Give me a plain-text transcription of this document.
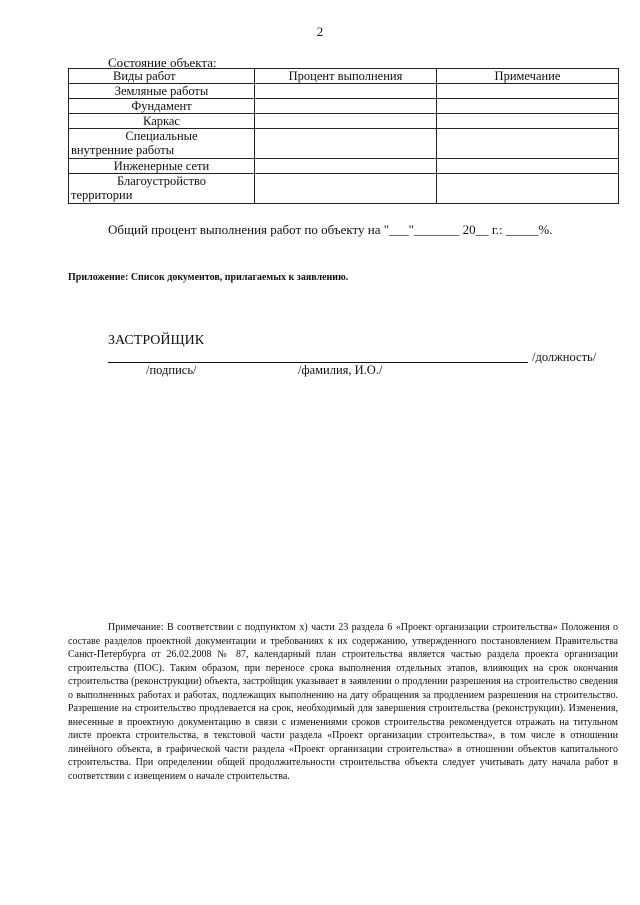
2
Состояние объекта:
Виды работ	Процент выполнения	Примечание
Земляные работы		
Фундамент		
Каркас		

Специальные
внутренние работы		

Инженерные сети		

Благоустройство
территории		

Общий процент выполнения работ по объекту на "___"_______ 20__ г.: _____%.
Приложение: Список документов, прилагаемых к заявлению.
ЗАСТРОЙЩИК
/должность/
/подпись/	/фамилия, И.О./
Примечание: В соответствии с подпунктом х) части 23 раздела 6 «Проект организации строительства» Положения о составе разделов проектной документации и требованиях к их содержанию, утвержденного постановлением Правительства Санкт-Петербурга от 26.02.2008 № 87, календарный план строительства является частью раздела проекта организации строительства (ПОС). Таким образом, при переносе срока выполнения отдельных этапов, влияющих на срок окончания строительства (реконструкции) объекта, застройщик указывает в заявлении о продлении разрешения на строительство сведения о выполненных работах и работах, подлежащих выполнению на дату обращения за продлением разрешения на строительство. Разрешение на строительство продлевается на срок, необходимый для завершения строительства (реконструкции). Изменения, внесенные в проектную документацию в связи с изменениями сроков строительства рекомендуется отражать на титульном листе проекта строительства, в текстовой части раздела «Проект организации строительства», в том числе в отношении линейного объекта, в графической части раздела «Проект организации строительства» в отношении объектов капитального строительства. При определении общей продолжительности строительства объекта следует учитывать дату начала работ в соответствии с извещением о начале строительства.
